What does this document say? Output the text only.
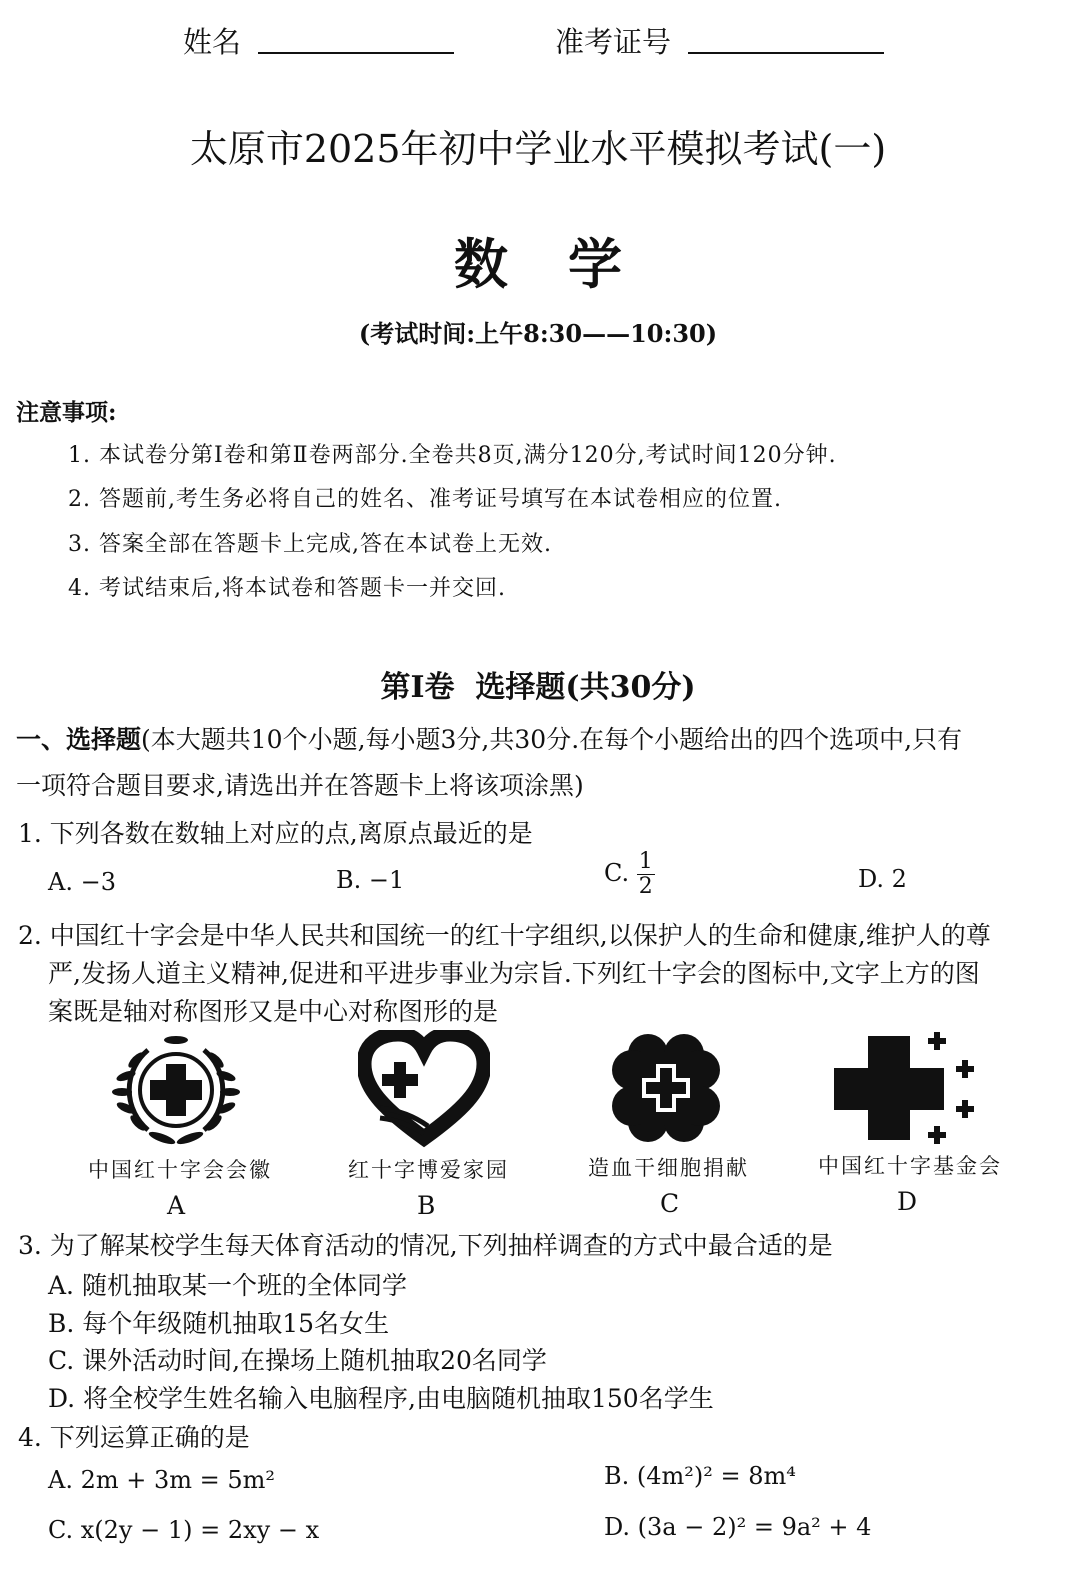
姓名	准考证号
太原市2025年初中学业水平模拟考试(一)
数学
(考试时间:上午8:30——10:30)
注意事项:
1. 本试卷分第Ⅰ卷和第Ⅱ卷两部分.全卷共8页,满分120分,考试时间120分钟.
2. 答题前,考生务必将自己的姓名、准考证号填写在本试卷相应的位置.
3. 答案全部在答题卡上完成,答在本试卷上无效.
4. 考试结束后,将本试卷和答题卡一并交回.
第Ⅰ卷  选择题(共30分)
一、选择题(本大题共10个小题,每小题3分,共30分.在每个小题给出的四个选项中,只有
一项符合题目要求,请选出并在答题卡上将该项涂黑)
1. 下列各数在数轴上对应的点,离原点最近的是
A. −3	B. −1	C. $\frac{1}{2}$	D. 2
2. 中国红十字会是中华人民共和国统一的红十字组织,以保护人的生命和健康,维护人的尊
严,发扬人道主义精神,促进和平进步事业为宗旨.下列红十字会的图标中,文字上方的图
案既是轴对称图形又是中心对称图形的是
中国红十字会会徽
A
红十字博爱家园
B
造血干细胞捐献
C
中国红十字基金会
D
3. 为了解某校学生每天体育活动的情况,下列抽样调查的方式中最合适的是
A. 随机抽取某一个班的全体同学
B. 每个年级随机抽取15名女生
C. 课外活动时间,在操场上随机抽取20名同学
D. 将全校学生姓名输入电脑程序,由电脑随机抽取150名学生
4. 下列运算正确的是
A. 2m + 3m = 5m²	B. (4m²)² = 8m⁴
C. x(2y − 1) = 2xy − x	D. (3a − 2)² = 9a² + 4
